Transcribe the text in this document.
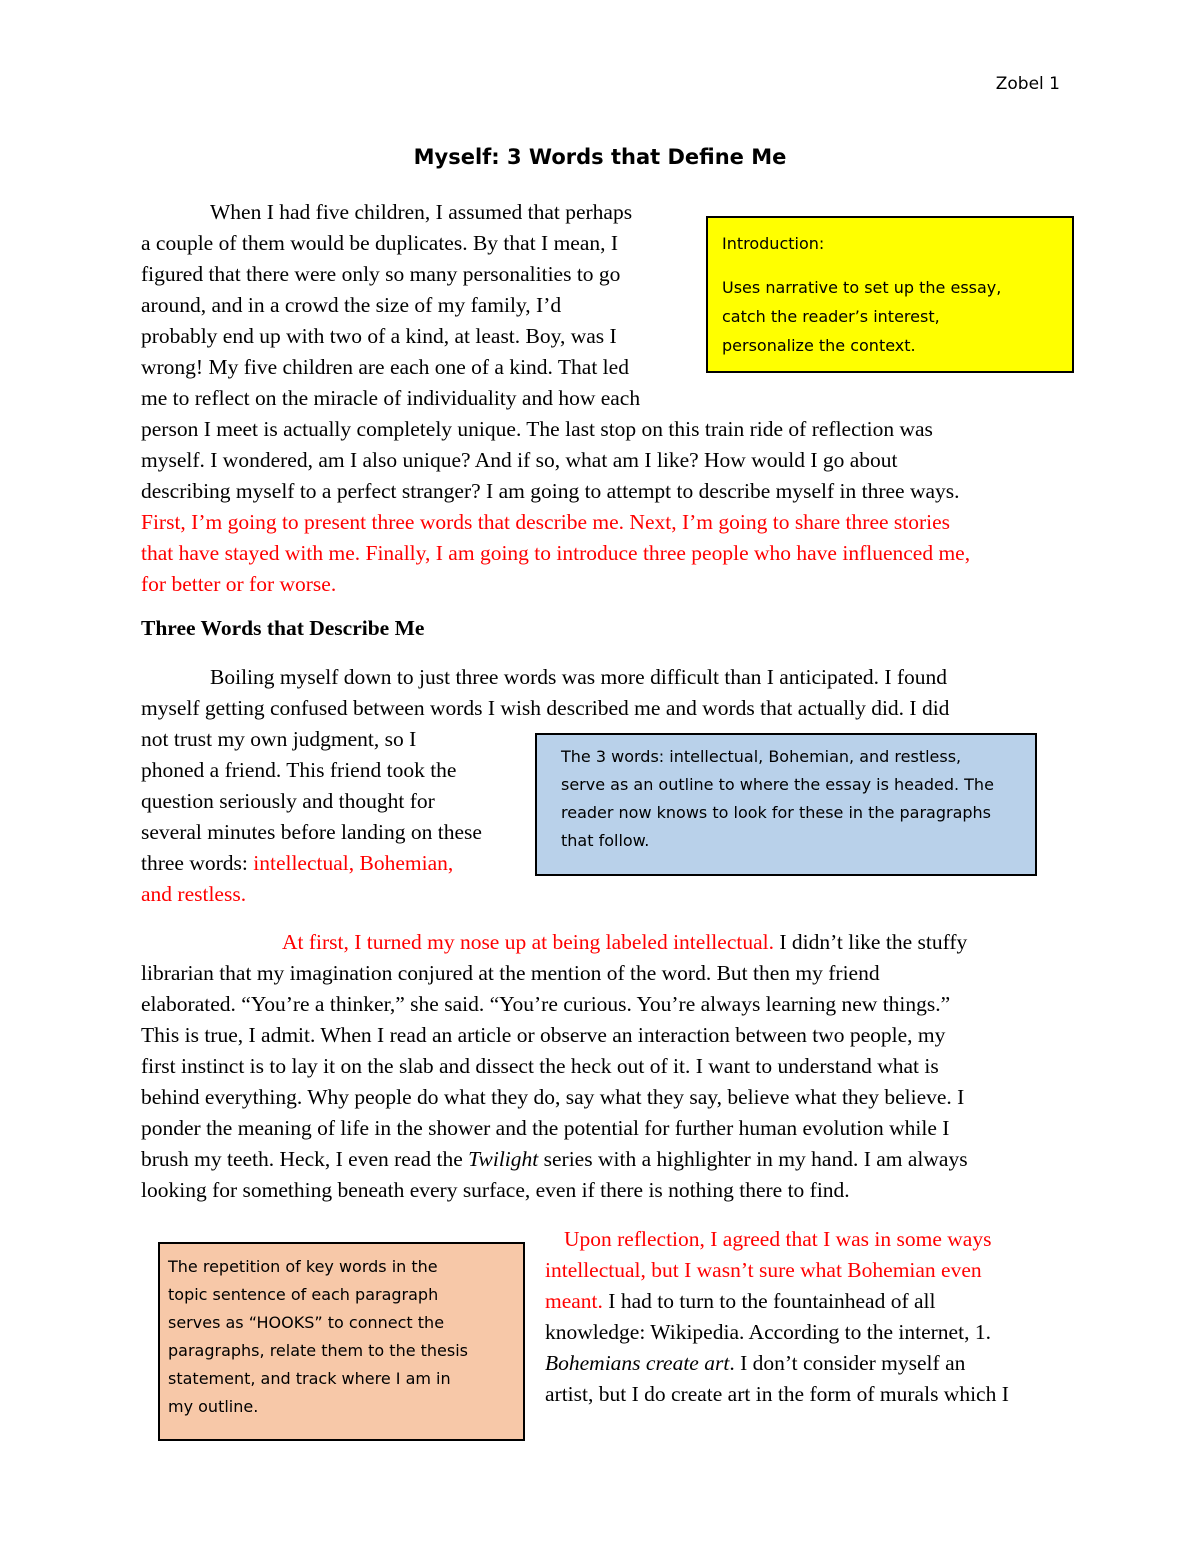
Zobel 1
Myself: 3 Words that Define Me
When I had five children, I assumed that perhaps
a couple of them would be duplicates. By that I mean, I
figured that there were only so many personalities to go
around, and in a crowd the size of my family, I’d
probably end up with two of a kind, at least. Boy, was I
wrong! My five children are each one of a kind. That led
me to reflect on the miracle of individuality and how each
person I meet is actually completely unique. The last stop on this train ride of reflection was
myself. I wondered, am I also unique? And if so, what am I like? How would I go about
describing myself to a perfect stranger? I am going to attempt to describe myself in three ways.
First, I’m going to present three words that describe me. Next, I’m going to share three stories
that have stayed with me. Finally, I am going to introduce three people who have influenced me,
for better or for worse.
Three Words that Describe Me
Boiling myself down to just three words was more difficult than I anticipated. I found
myself getting confused between words I wish described me and words that actually did. I did
not trust my own judgment, so I
phoned a friend. This friend took the
question seriously and thought for
several minutes before landing on these
three words: intellectual, Bohemian,
and restless.
At first, I turned my nose up at being labeled intellectual. I didn’t like the stuffy
librarian that my imagination conjured at the mention of the word. But then my friend
elaborated. “You’re a thinker,” she said. “You’re curious. You’re always learning new things.”
This is true, I admit. When I read an article or observe an interaction between two people, my
first instinct is to lay it on the slab and dissect the heck out of it. I want to understand what is
behind everything. Why people do what they do, say what they say, believe what they believe. I
ponder the meaning of life in the shower and the potential for further human evolution while I
brush my teeth. Heck, I even read the Twilight series with a highlighter in my hand. I am always
looking for something beneath every surface, even if there is nothing there to find.
Upon reflection, I agreed that I was in some ways
intellectual, but I wasn’t sure what Bohemian even
meant. I had to turn to the fountainhead of all
knowledge: Wikipedia. According to the internet, 1.
Bohemians create art. I don’t consider myself an
artist, but I do create art in the form of murals which I

Introduction:

Uses narrative to set up the essay,

catch the reader’s interest,

personalize the context.

The 3 words: intellectual, Bohemian, and restless,

serve as an outline to where the essay is headed. The

reader now knows to look for these in the paragraphs

that follow.

The repetition of key words in the

topic sentence of each paragraph

serves as “HOOKS” to connect the

paragraphs, relate them to the thesis

statement, and track where I am in

my outline.
